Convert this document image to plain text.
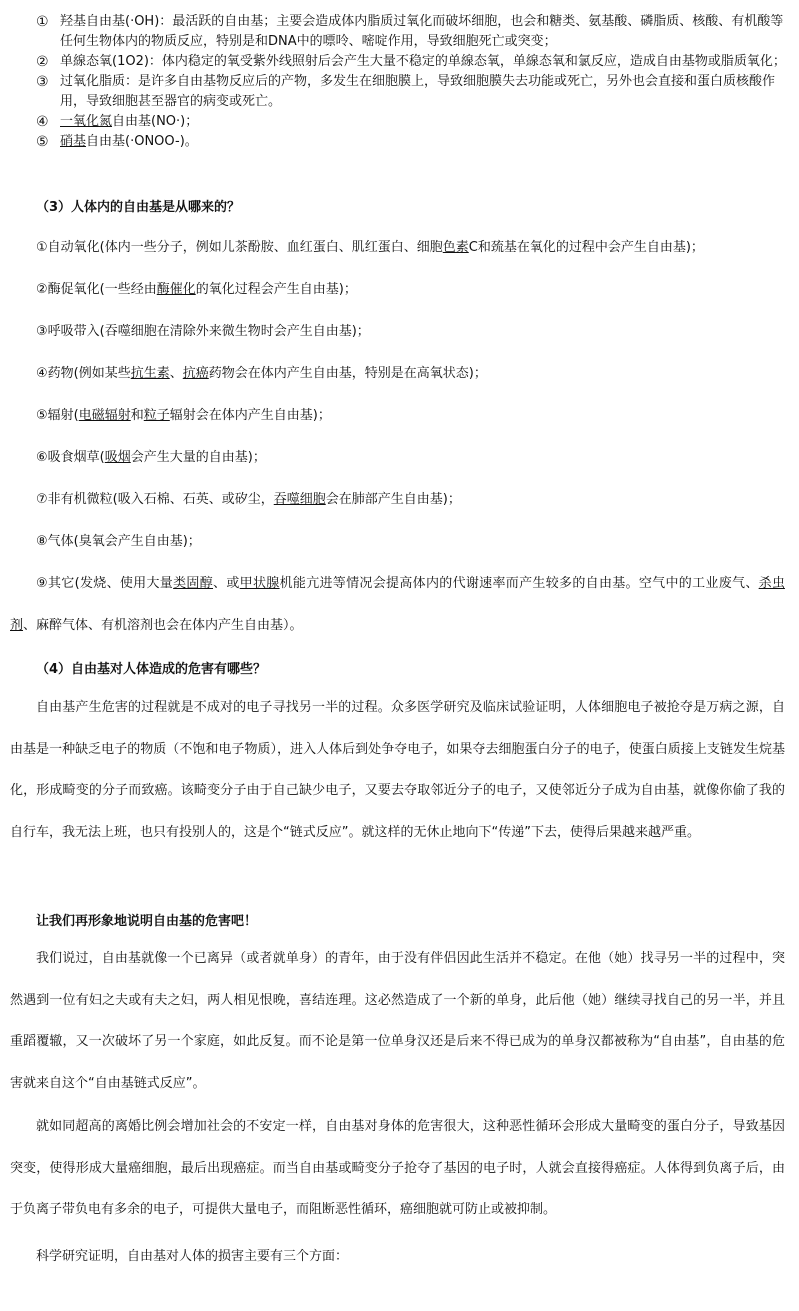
① 羟基自由基(·OH)：最活跃的自由基；主要会造成体内脂质过氧化而破坏细胞，也会和糖类、氨基酸、磷脂质、核酸、有机酸等任何生物体内的物质反应，特别是和DNA中的嘌呤、嘧啶作用，导致细胞死亡或突变；
② 单線态氧(1O2)：体内稳定的氧受紫外线照射后会产生大量不稳定的单線态氧，单線态氧和氯反应，造成自由基物或脂质氧化；
③ 过氧化脂质：是许多自由基物反应后的产物，多发生在细胞膜上，导致细胞膜失去功能或死亡，另外也会直接和蛋白质核酸作用，导致细胞甚至器官的病变或死亡。
④ 一氧化氮自由基(NO·)；
⑤ 硝基自由基(·ONOO-)。
（3）人体内的自由基是从哪来的？
①自动氧化(体内一些分子，例如儿茶酚胺、血红蛋白、肌红蛋白、细胞色素C和巯基在氧化的过程中会产生自由基)；
②酶促氧化(一些经由酶催化的氧化过程会产生自由基)；
③呼吸带入(吞噬细胞在清除外来微生物时会产生自由基)；
④药物(例如某些抗生素、抗癌药物会在体内产生自由基，特别是在高氧状态)；
⑤辐射(电磁辐射和粒子辐射会在体内产生自由基)；
⑥吸食烟草(吸烟会产生大量的自由基)；
⑦非有机微粒(吸入石棉、石英、或矽尘，吞噬细胞会在肺部产生自由基)；
⑧气体(臭氧会产生自由基)；
⑨其它(发烧、使用大量类固醇、或甲状腺机能亢进等情况会提高体内的代谢速率而产生较多的自由基。空气中的工业废气、杀虫剂、麻醉气体、有机溶剂也会在体内产生自由基）。
（4）自由基对人体造成的危害有哪些？
自由基产生危害的过程就是不成对的电子寻找另一半的过程。众多医学研究及临床试验证明，人体细胞电子被抢夺是万病之源，自由基是一种缺乏电子的物质（不饱和电子物质），进入人体后到处争夺电子，如果夺去细胞蛋白分子的电子，使蛋白质接上支链发生烷基化，形成畸变的分子而致癌。该畸变分子由于自己缺少电子，又要去夺取邻近分子的电子，又使邻近分子成为自由基，就像你偷了我的自行车，我无法上班，也只有投别人的，这是个“链式反应”。就这样的无休止地向下“传递”下去，使得后果越来越严重。
让我们再形象地说明自由基的危害吧！
我们说过，自由基就像一个已离异（或者就单身）的青年，由于没有伴侣因此生活并不稳定。在他（她）找寻另一半的过程中，突然遇到一位有妇之夫或有夫之妇，两人相见恨晚，喜结连理。这必然造成了一个新的单身，此后他（她）继续寻找自己的另一半，并且重蹈覆辙，又一次破坏了另一个家庭，如此反复。而不论是第一位单身汉还是后来不得已成为的单身汉都被称为“自由基”，自由基的危害就来自这个“自由基链式反应”。
就如同超高的离婚比例会增加社会的不安定一样，自由基对身体的危害很大，这种恶性循环会形成大量畸变的蛋白分子，导致基因突变，使得形成大量癌细胞，最后出现癌症。而当自由基或畸变分子抢夺了基因的电子时，人就会直接得癌症。人体得到负离子后，由于负离子带负电有多余的电子，可提供大量电子，而阻断恶性循环，癌细胞就可防止或被抑制。
科学研究证明，自由基对人体的损害主要有三个方面：
